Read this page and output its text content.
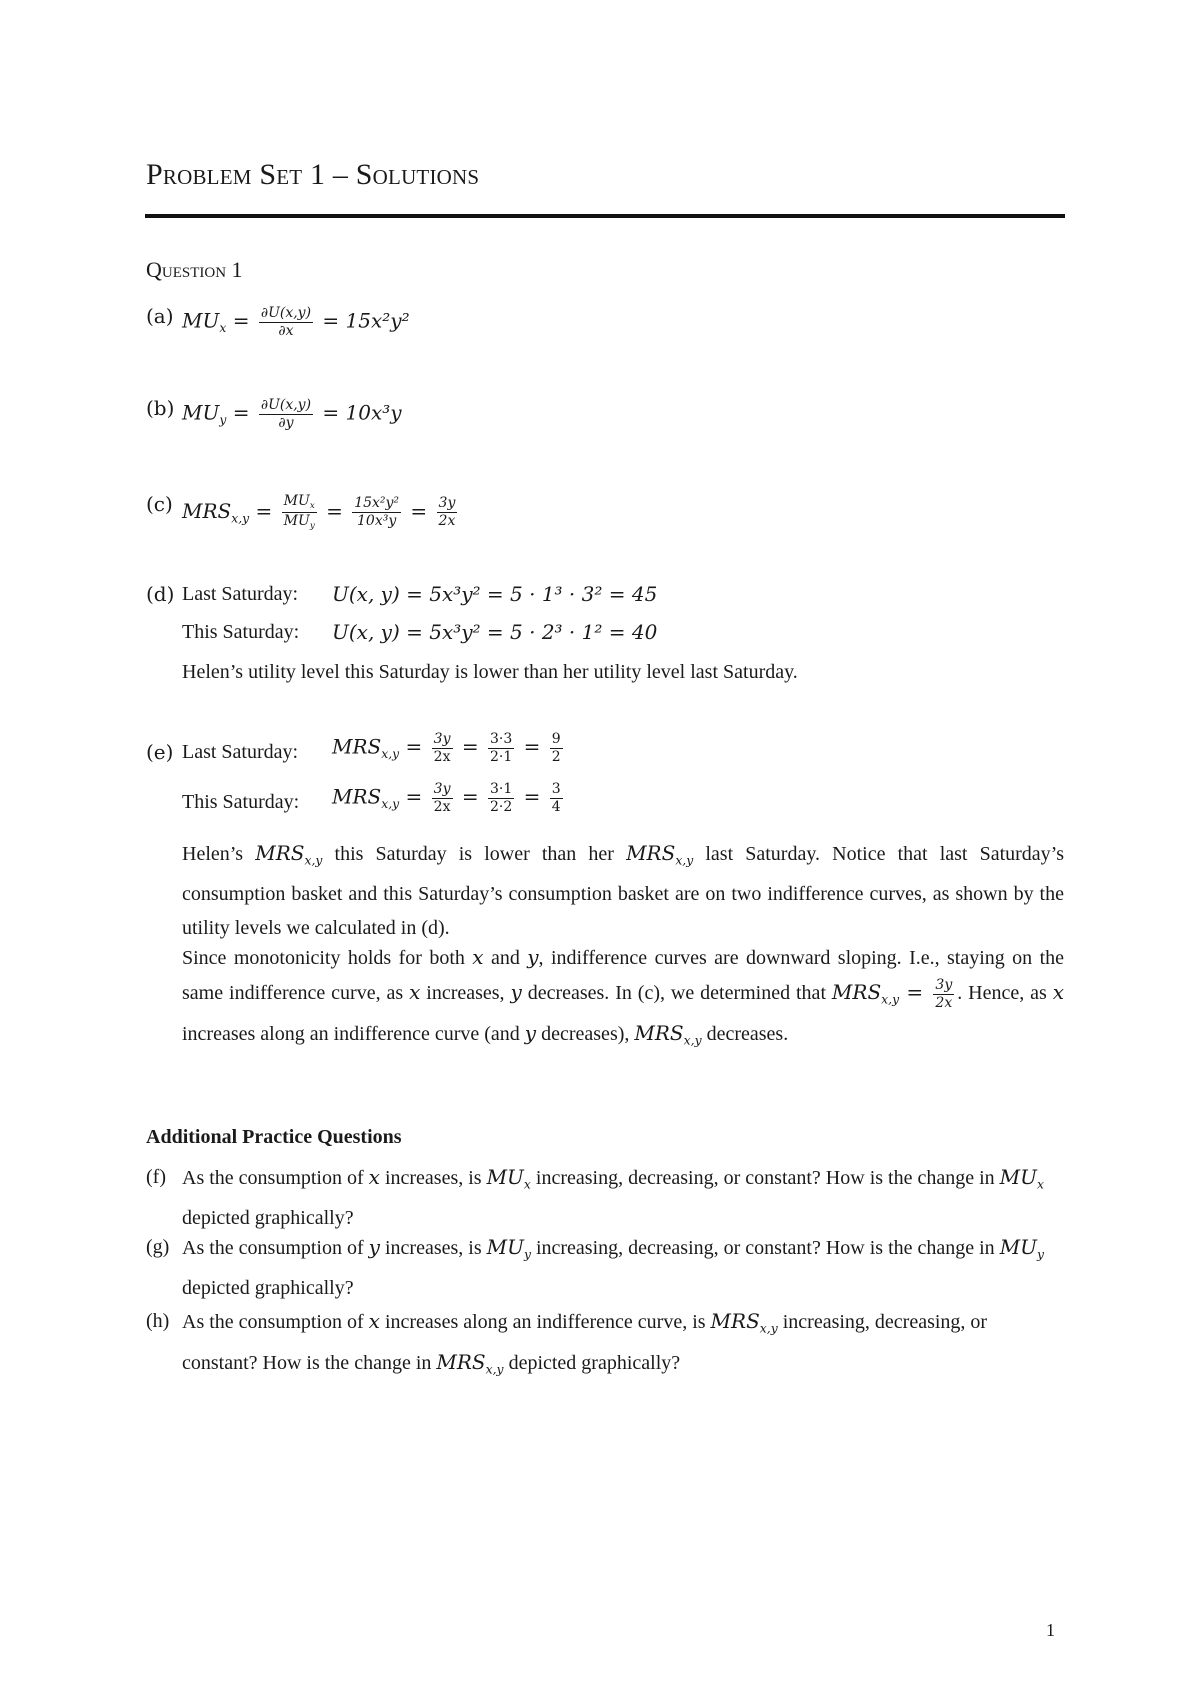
Problem Set 1 – Solutions
Question 1
(a) $MU_x = \frac{\partial U(x,y)}{\partial x} = 15x^2y^2$
(b) $MU_y = \frac{\partial U(x,y)}{\partial y} = 10x^3y$
(c) $MRS_{x,y} = \frac{MU_x}{MU_y} = \frac{\text{15x²y²}}{\text{10x³y}} = \frac{3y}{2x}$
(d) Last Saturday: U(x, y) = 5x³y² = 5 · 1³ · 3² = 45
This Saturday: U(x, y) = 5x³y² = 5 · 2³ · 1² = 40
Helen’s utility level this Saturday is lower than her utility level last Saturday.
(e) Last Saturday: $MRS_{x,y} = \frac{3y}{2x} = \frac{3\cdot 3}{2\cdot 1} = \frac{9}{2}$
This Saturday: $MRS_{x,y} = \frac{3y}{2x} = \frac{3\cdot 1}{2\cdot 2} = \frac{3}{4}$
Helen’s $MRS_{x,y}$ this Saturday is lower than her $MRS_{x,y}$ last Saturday. Notice that last Saturday’s consumption basket and this Saturday’s consumption basket are on two indifference curves, as shown by the utility levels we calculated in (d).
Since monotonicity holds for both x and y, indifference curves are downward sloping. I.e., staying on the same indifference curve, as x increases, y decreases. In (c), we determined that $MRS_{x,y} = \frac{3y}{2x}$ . Hence, as x increases along an indifference curve (and y decreases), $MRS_{x,y}$ decreases.
Additional Practice Questions
(f) As the consumption of x increases, is $MU_x$ increasing, decreasing, or constant? How is the change in $MU_x$ depicted graphically?
(g) As the consumption of y increases, is $MU_y$ increasing, decreasing, or constant? How is the change in $MU_y$ depicted graphically?
(h) As the consumption of x increases along an indifference curve, is $MRS_{x,y}$ increasing, decreasing, or constant? How is the change in $MRS_{x,y}$ depicted graphically?
1
